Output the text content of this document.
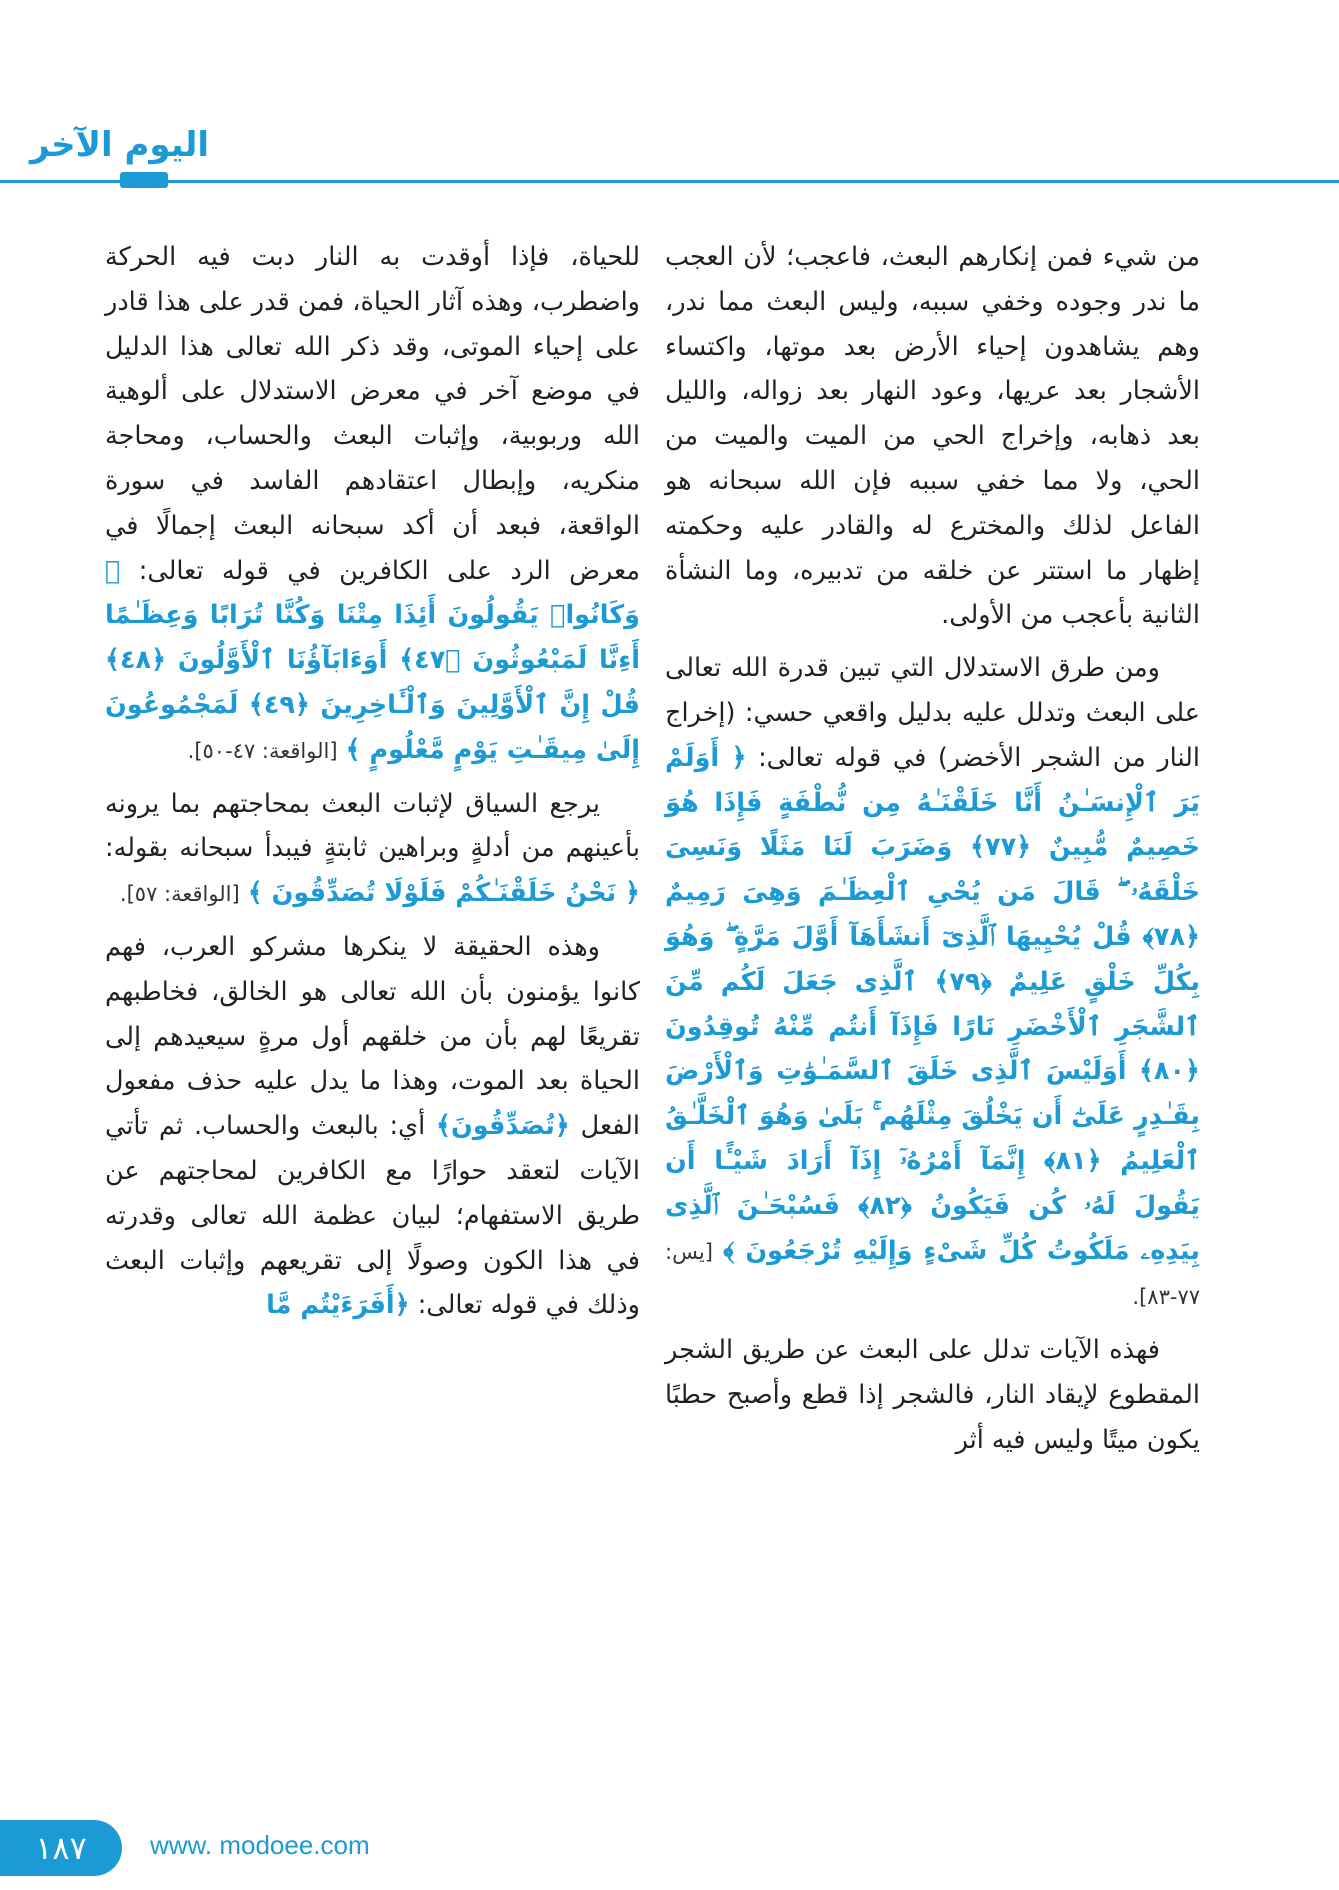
اليوم الآخر

من شيء فمن إنكارهم البعث، فاعجب؛ لأن العجب ما ندر وجوده وخفي سببه، وليس البعث مما ندر، وهم يشاهدون إحياء الأرض بعد موتها، واكتساء الأشجار بعد عريها، وعود النهار بعد زواله، والليل بعد ذهابه، وإخراج الحي من الميت والميت من الحي، ولا مما خفي سببه فإن الله سبحانه هو الفاعل لذلك والمخترع له والقادر عليه وحكمته إظهار ما استتر عن خلقه من تدبيره، وما النشأة الثانية بأعجب من الأولى.

ومن طرق الاستدلال التي تبين قدرة الله تعالى على البعث وتدلل عليه بدليل واقعي حسي: (إخراج النار من الشجر الأخضر) في قوله تعالى: ﴿ أَوَلَمْ يَرَ ٱلْإِنسَـٰنُ أَنَّا خَلَقْنَـٰهُ مِن نُّطْفَةٍ فَإِذَا هُوَ خَصِيمٌ مُّبِينٌ ﴿٧٧﴾ وَضَرَبَ لَنَا مَثَلًا وَنَسِىَ خَلْقَهُۥ ۖ قَالَ مَن يُحْىِ ٱلْعِظَـٰمَ وَهِىَ رَمِيمٌ ﴿٧٨﴾ قُلْ يُحْيِيهَا ٱلَّذِىٓ أَنشَأَهَآ أَوَّلَ مَرَّةٍ ۖ وَهُوَ بِكُلِّ خَلْقٍ عَلِيمٌ ﴿٧٩﴾ ٱلَّذِى جَعَلَ لَكُم مِّنَ ٱلشَّجَرِ ٱلْأَخْضَرِ نَارًا فَإِذَآ أَنتُم مِّنْهُ تُوقِدُونَ ﴿٨٠﴾ أَوَلَيْسَ ٱلَّذِى خَلَقَ ٱلسَّمَـٰوَٰتِ وَٱلْأَرْضَ بِقَـٰدِرٍ عَلَىٰٓ أَن يَخْلُقَ مِثْلَهُم ۚ بَلَىٰ وَهُوَ ٱلْخَلَّـٰقُ ٱلْعَلِيمُ ﴿٨١﴾ إِنَّمَآ أَمْرُهُۥٓ إِذَآ أَرَادَ شَيْـًٔا أَن يَقُولَ لَهُۥ كُن فَيَكُونُ ﴿٨٢﴾ فَسُبْحَـٰنَ ٱلَّذِى بِيَدِهِۦ مَلَكُوتُ كُلِّ شَىْءٍ وَإِلَيْهِ تُرْجَعُونَ ﴾ [يس: ٧٧-٨٣].

فهذه الآيات تدلل على البعث عن طريق الشجر المقطوع لإيقاد النار، فالشجر إذا قطع وأصبح حطبًا يكون ميتًا وليس فيه أثر

للحياة، فإذا أوقدت به النار دبت فيه الحركة واضطرب، وهذه آثار الحياة، فمن قدر على هذا قادر على إحياء الموتى، وقد ذكر الله تعالى هذا الدليل في موضع آخر في معرض الاستدلال على ألوهية الله وربوبية، وإثبات البعث والحساب، ومحاجة منكريه، وإبطال اعتقادهم الفاسد في سورة الواقعة، فبعد أن أكد سبحانه البعث إجمالًا في معرض الرد على الكافرين في قوله تعالى: ﴿ وَكَانُوا۟ يَقُولُونَ أَئِذَا مِتْنَا وَكُنَّا تُرَابًا وَعِظَـٰمًا أَءِنَّا لَمَبْعُوثُونَ ﴿٤٧﴾ أَوَءَابَآؤُنَا ٱلْأَوَّلُونَ ﴿٤٨﴾ قُلْ إِنَّ ٱلْأَوَّلِينَ وَٱلْـَٔاخِرِينَ ﴿٤٩﴾ لَمَجْمُوعُونَ إِلَىٰ مِيقَـٰتِ يَوْمٍ مَّعْلُومٍ ﴾ [الواقعة: ٤٧-٥٠].

يرجع السياق لإثبات البعث بمحاجتهم بما يرونه بأعينهم من أدلةٍ وبراهين ثابتةٍ فيبدأ سبحانه بقوله: ﴿ نَحْنُ خَلَقْنَـٰكُمْ فَلَوْلَا تُصَدِّقُونَ ﴾ [الواقعة: ٥٧].

وهذه الحقيقة لا ينكرها مشركو العرب، فهم كانوا يؤمنون بأن الله تعالى هو الخالق، فخاطبهم تقريعًا لهم بأن من خلقهم أول مرةٍ سيعيدهم إلى الحياة بعد الموت، وهذا ما يدل عليه حذف مفعول الفعل ﴿تُصَدِّقُونَ﴾ أي: بالبعث والحساب. ثم تأتي الآيات لتعقد حوارًا مع الكافرين لمحاجتهم عن طريق الاستفهام؛ لبيان عظمة الله تعالى وقدرته في هذا الكون وصولًا إلى تقريعهم وإثبات البعث وذلك في قوله تعالى: ﴿أَفَرَءَيْتُم مَّا

١٨٧	www. modoee.com
